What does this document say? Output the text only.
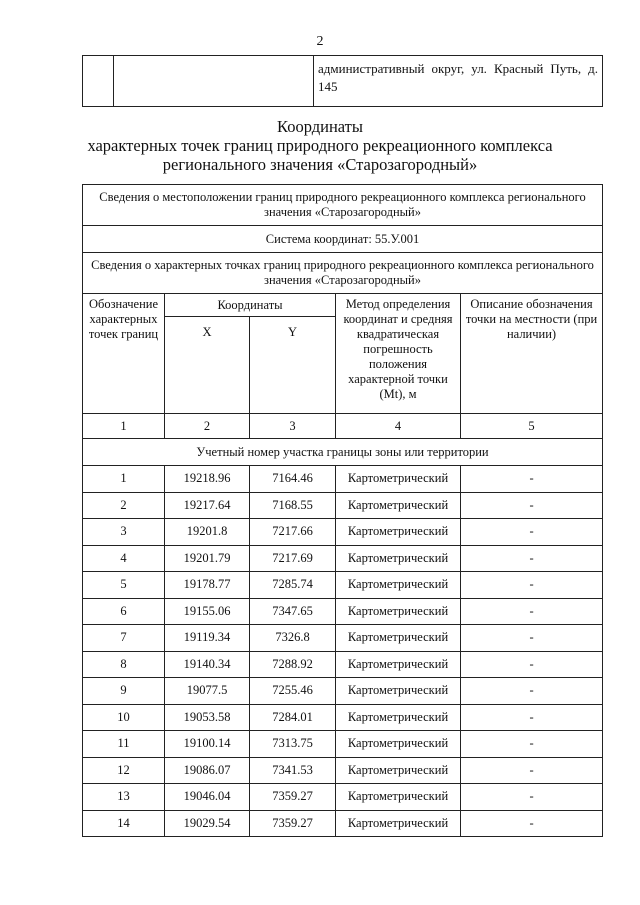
2
		административный округ, ул. Красный Путь, д. 145
Координаты
характерных точек границ природного рекреационного комплекса
регионального значения «Старозагородный»
Сведения о местоположении границ природного рекреационного комплекса регионального значения «Старозагородный»				
Система координат: 55.У.001				
Сведения о характерных точках границ природного рекреационного комплекса регионального значения «Старозагородный»				
Обозначение характерных точек границ	Координаты		Метод определения координат и средняя квадратическая погрешность положения характерной точки (Mt), м	Описание обозначения точки на местности (при наличии)
	X	Y		
1	2	3	4	5
Учетный номер участка границы зоны или территории				
1	19218.96	7164.46	Картометрический	-
2	19217.64	7168.55	Картометрический	-
3	19201.8	7217.66	Картометрический	-
4	19201.79	7217.69	Картометрический	-
5	19178.77	7285.74	Картометрический	-
6	19155.06	7347.65	Картометрический	-
7	19119.34	7326.8	Картометрический	-
8	19140.34	7288.92	Картометрический	-
9	19077.5	7255.46	Картометрический	-
10	19053.58	7284.01	Картометрический	-
11	19100.14	7313.75	Картометрический	-
12	19086.07	7341.53	Картометрический	-
13	19046.04	7359.27	Картометрический	-
14	19029.54	7359.27	Картометрический	-
